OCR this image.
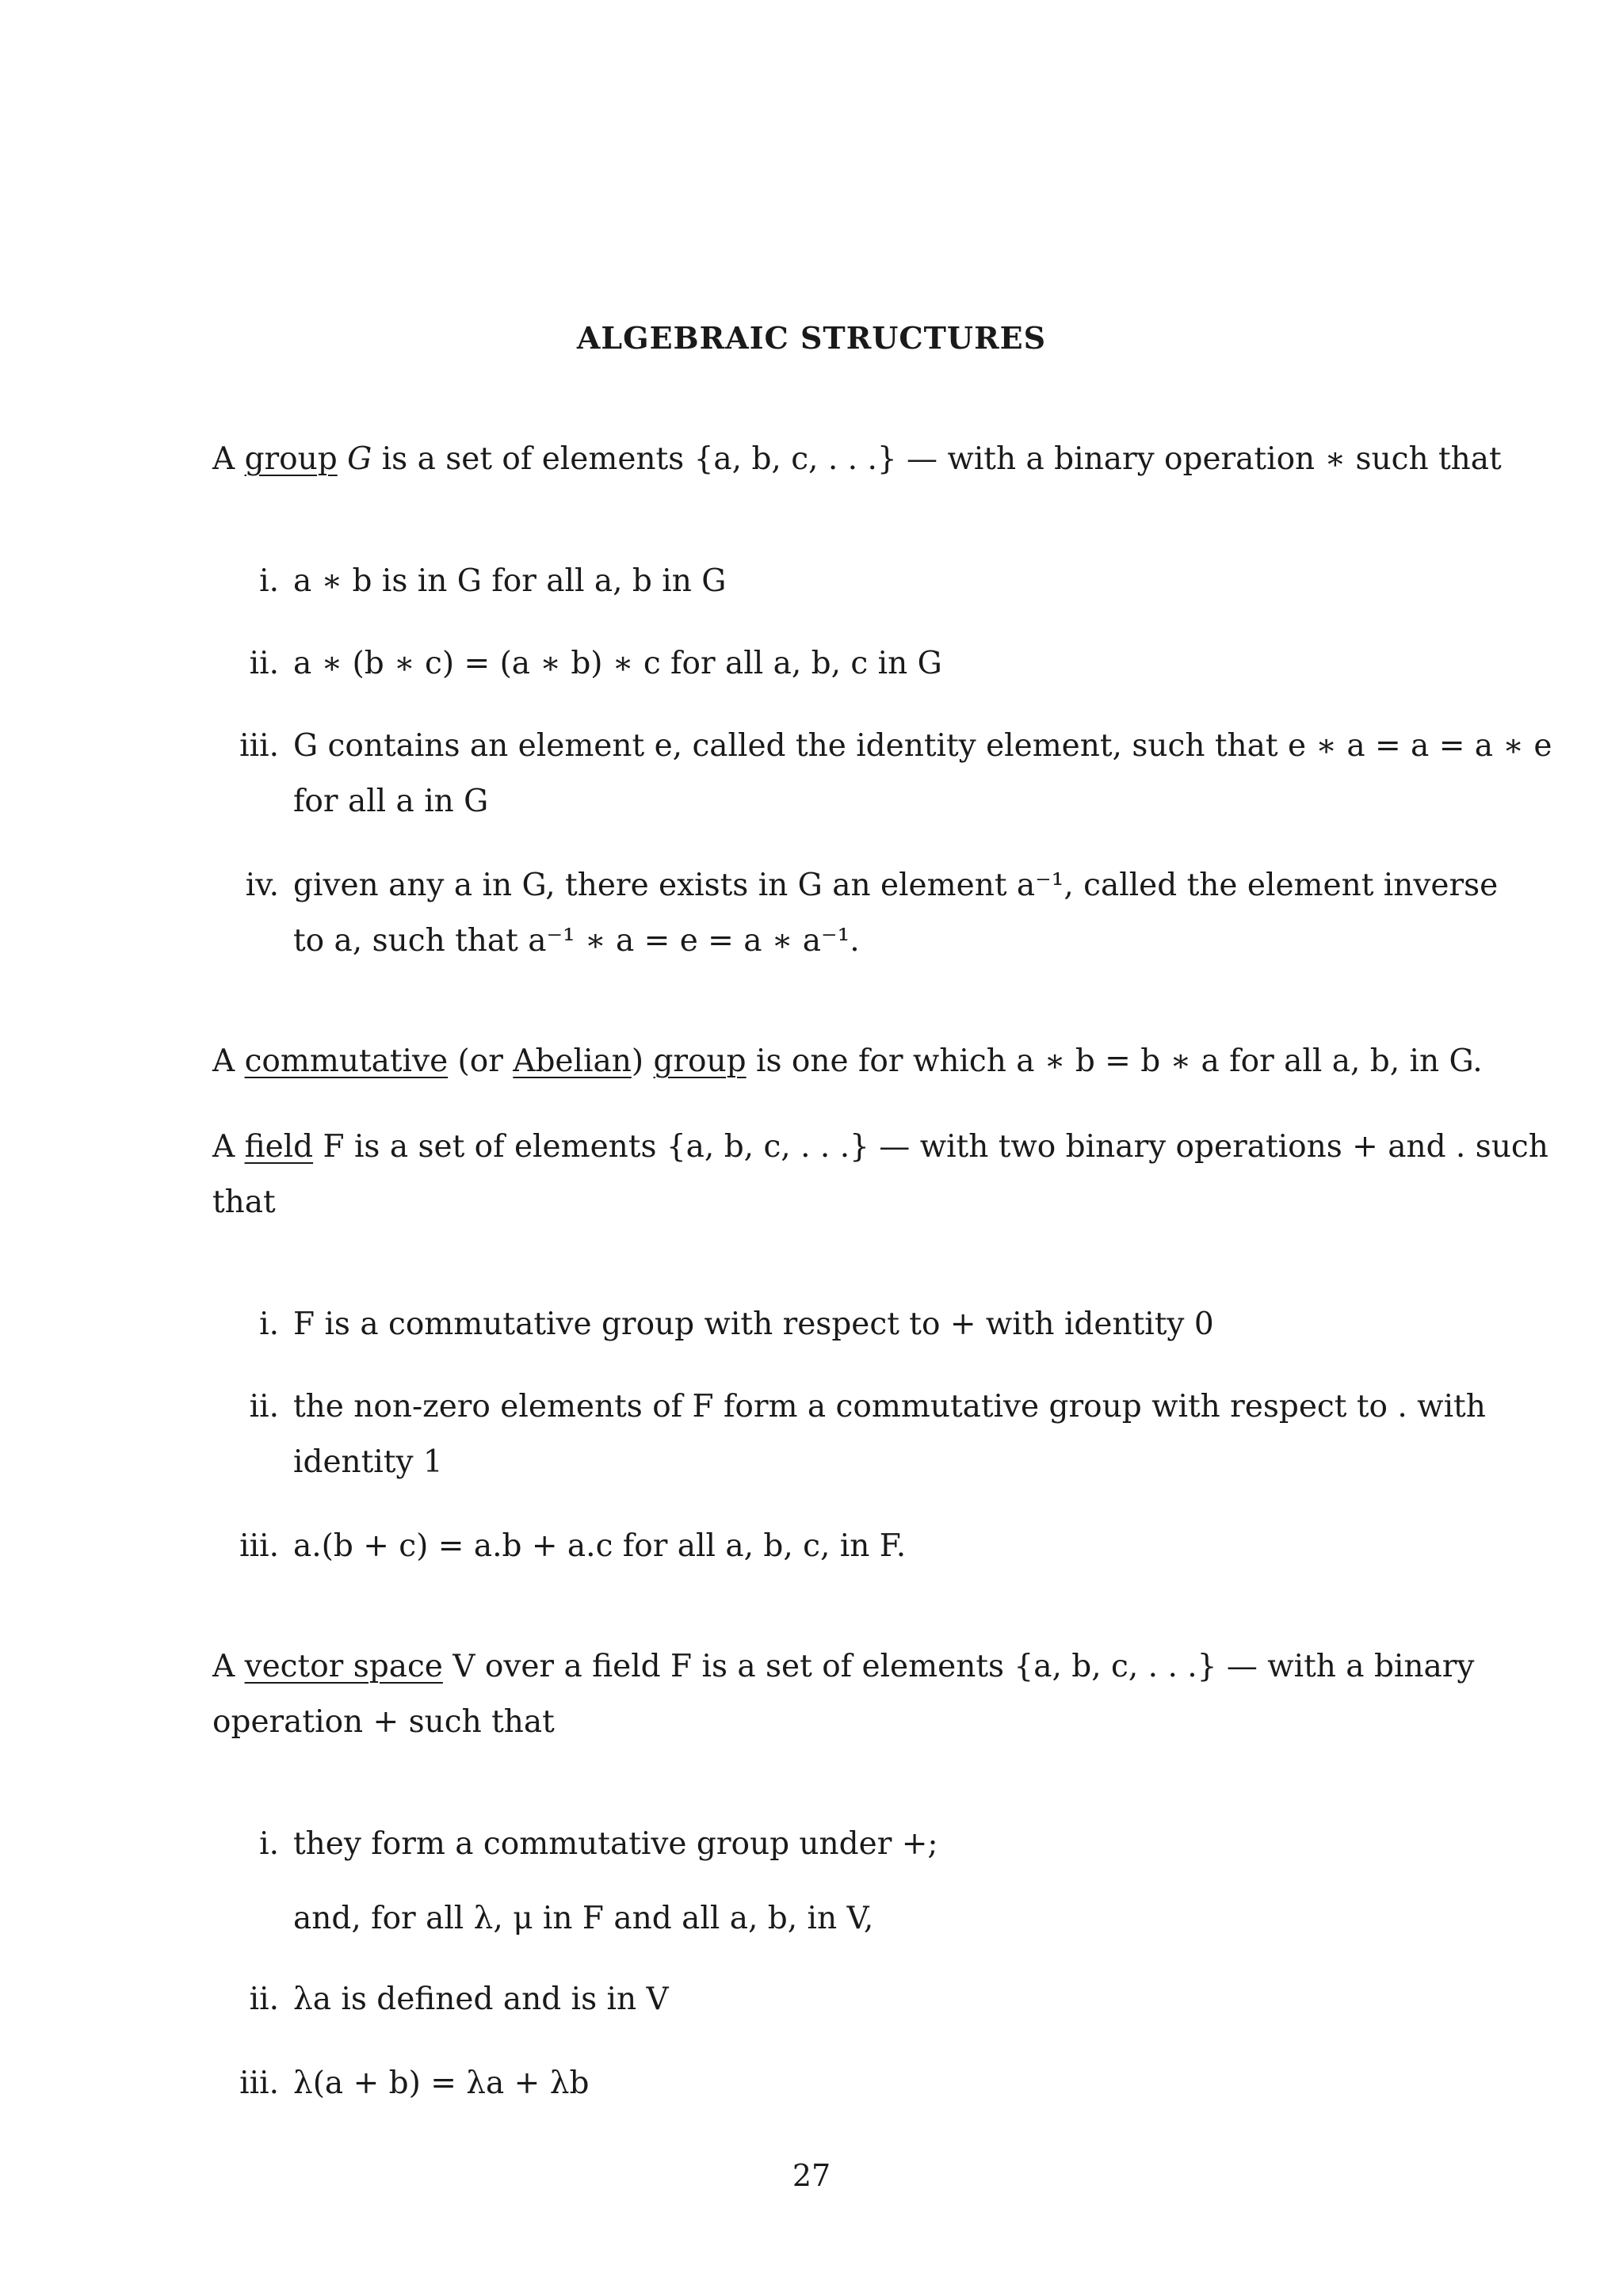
ALGEBRAIC STRUCTURES
A group G is a set of elements {a, b, c, . . .} — with a binary operation ∗ such that
i. a ∗ b is in G for all a, b in G
ii. a ∗ (b ∗ c) = (a ∗ b) ∗ c for all a, b, c in G
iii. G contains an element e, called the identity element, such that e ∗ a = a = a ∗ e
for all a in G
iv. given any a in G, there exists in G an element a⁻¹, called the element inverse
to a, such that a⁻¹ ∗ a = e = a ∗ a⁻¹.
A commutative (or Abelian) group is one for which a ∗ b = b ∗ a for all a, b, in G.
A field F is a set of elements {a, b, c, . . .} — with two binary operations + and . such
that
i. F is a commutative group with respect to + with identity 0
ii. the non-zero elements of F form a commutative group with respect to . with
identity 1
iii. a.(b + c) = a.b + a.c for all a, b, c, in F.
A vector space V over a field F is a set of elements {a, b, c, . . .} — with a binary
operation + such that
i. they form a commutative group under +;
and, for all λ, μ in F and all a, b, in V,
ii. λa is defined and is in V
iii. λ(a + b) = λa + λb
27
